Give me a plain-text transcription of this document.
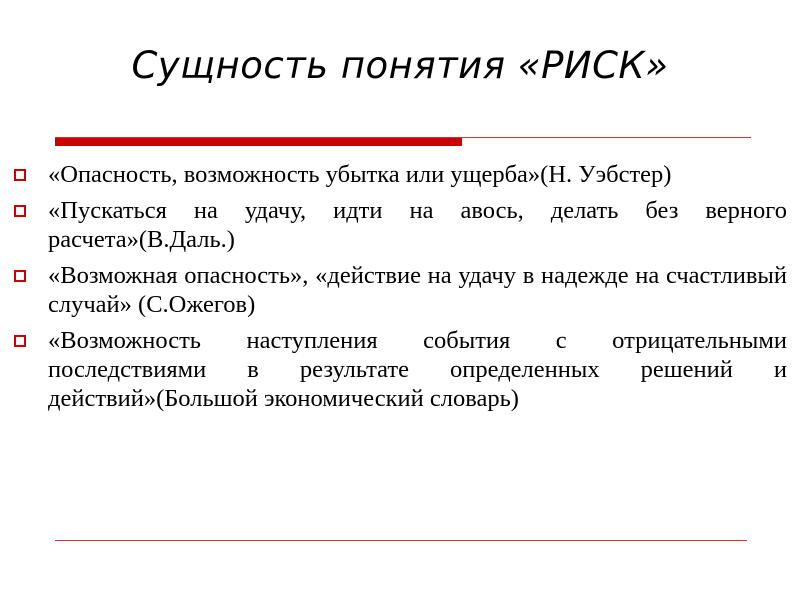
Сущность понятия «РИСК»
«Опасность, возможность убытка или ущерба»(Н. Уэбстер)
«Пускаться на удачу, идти на авось, делать без верного расчета»(В.Даль.)
«Возможная опасность», «действие на удачу в надежде на счастливый случай» (С.Ожегов)
«Возможность наступления события с отрицательными последствиями в результате определенных решений и действий»(Большой экономический словарь)
